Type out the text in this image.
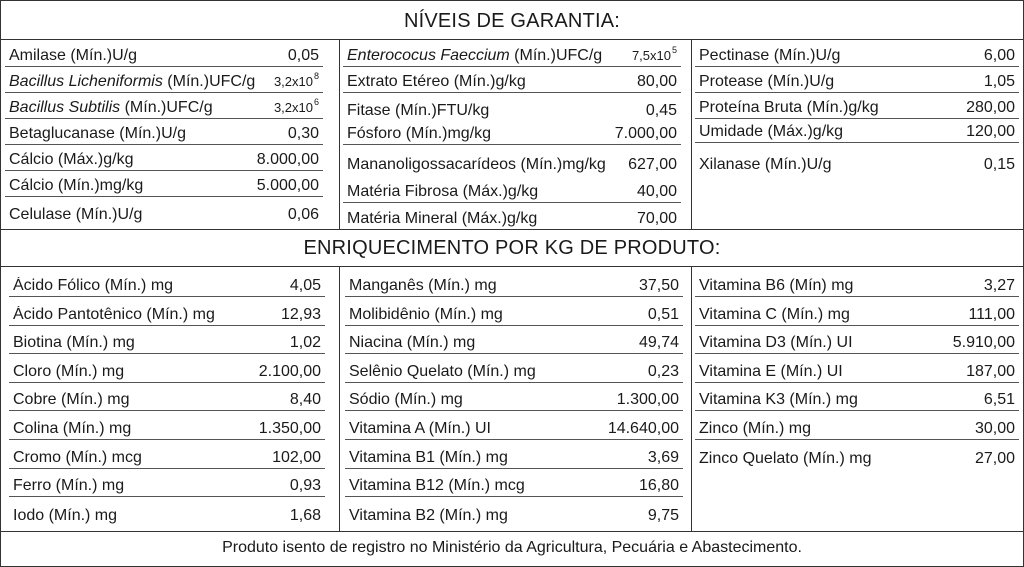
NÍVEIS DE GARANTIA:
Amilase (Mín.)U/g	0,05
Bacillus Licheniformis (Mín.)UFC/g $3,2x10^8$
Bacillus Subtilis (Mín.)UFC/g	$3,2x10^6$
Betaglucanase (Mín.)U/g	0,30
Cálcio (Máx.)g/kg	8.000,00
Cálcio (Mín.)mg/kg	5.000,00
Celulase (Mín.)U/g	0,06
Enterococus Faeccium (Mín.)UFC/g $7,5x10^5$
Extrato Etéreo (Mín.)g/kg	80,00
Fitase (Mín.)FTU/kg	0,45
Fósforo (Mín.)mg/kg	7.000,00
Mananoligossacarídeos (Mín.)mg/kg 627,00
Matéria Fibrosa (Máx.)g/kg	40,00
Matéria Mineral (Máx.)g/kg	70,00
Pectinase (Mín.)U/g	6,00
Protease (Mín.)U/g	1,05
Proteína Bruta (Mín.)g/kg	280,00
Umidade (Máx.)g/kg	120,00
Xilanase (Mín.)U/g	0,15
ENRIQUECIMENTO POR KG DE PRODUTO:
Ácido Fólico (Mín.) mg	4,05
Ácido Pantotênico (Mín.) mg	12,93
Biotina (Mín.) mg	1,02
Cloro (Mín.) mg	2.100,00
Cobre (Mín.) mg	8,40
Colina (Mín.) mg	1.350,00
Cromo (Mín.) mcg	102,00
Ferro (Mín.) mg	0,93
Iodo (Mín.) mg	1,68
Manganês (Mín.) mg	37,50
Molibidênio (Mín.) mg	0,51
Niacina (Mín.) mg	49,74
Selênio Quelato (Mín.) mg	0,23
Sódio (Mín.) mg	1.300,00
Vitamina A (Mín.) UI	14.640,00
Vitamina B1 (Mín.) mg	3,69
Vitamina B12 (Mín.) mcg	16,80
Vitamina B2 (Mín.) mg	9,75
Vitamina B6 (Mín) mg	3,27
Vitamina C (Mín.) mg	111,00
Vitamina D3 (Mín.) UI	5.910,00
Vitamina E (Mín.) UI	187,00
Vitamina K3 (Mín.) mg	6,51
Zinco (Mín.) mg	30,00
Zinco Quelato (Mín.) mg	27,00
Produto isento de registro no Ministério da Agricultura, Pecuária e Abastecimento.
